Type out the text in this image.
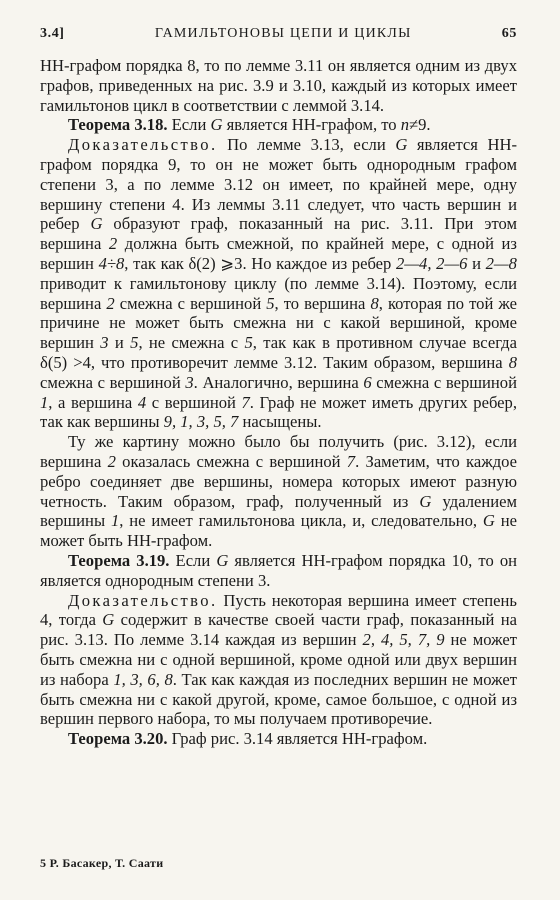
3.4]	ГАМИЛЬТОНОВЫ ЦЕПИ И ЦИКЛЫ	65

НН-графом порядка 8, то по лемме 3.11 он является одним из двух графов, приведенных на рис. 3.9 и 3.10, каждый из которых имеет гамильтонов цикл в соответствии с леммой 3.14.

Теорема 3.18. Если G является НН-графом, то n≠9.

Доказательство. По лемме 3.13, если G является НН-графом порядка 9, то он не может быть однородным графом степени 3, а по лемме 3.12 он имеет, по крайней мере, одну вершину степени 4. Из леммы 3.11 следует, что часть вершин и ребер G образуют граф, показанный на рис. 3.11. При этом вершина 2 должна быть смежной, по крайней мере, с одной из вершин 4÷8, так как δ(2) ⩾3. Но каждое из ребер 2—4, 2—6 и 2—8 приводит к гамильтонову циклу (по лемме 3.14). Поэтому, если вершина 2 смежна с вершиной 5, то вершина 8, которая по той же причине не может быть смежна ни с какой вершиной, кроме вершин 3 и 5, не смежна с 5, так как в противном случае всегда δ(5) >4, что противоречит лемме 3.12. Таким образом, вершина 8 смежна с вершиной 3. Аналогично, вершина 6 смежна с вершиной 1, а вершина 4 с вершиной 7. Граф не может иметь других ребер, так как вершины 9, 1, 3, 5, 7 насыщены.

Ту же картину можно было бы получить (рис. 3.12), если вершина 2 оказалась смежна с вершиной 7. Заметим, что каждое ребро соединяет две вершины, номера которых имеют разную четность. Таким образом, граф, полученный из G удалением вершины 1, не имеет гамильтонова цикла, и, следовательно, G не может быть НН-графом.

Теорема 3.19. Если G является НН-графом порядка 10, то он является однородным степени 3.

Доказательство. Пусть некоторая вершина имеет степень 4, тогда G содержит в качестве своей части граф, показанный на рис. 3.13. По лемме 3.14 каждая из вершин 2, 4, 5, 7, 9 не может быть смежна ни с одной вершиной, кроме одной или двух вершин из набора 1, 3, 6, 8. Так как каждая из последних вершин не может быть смежна ни с какой другой, кроме, самое большое, с одной из вершин первого набора, то мы получаем противоречие.

Теорема 3.20. Граф рис. 3.14 является НН-графом.

5 Р. Басакер, Т. Саати
